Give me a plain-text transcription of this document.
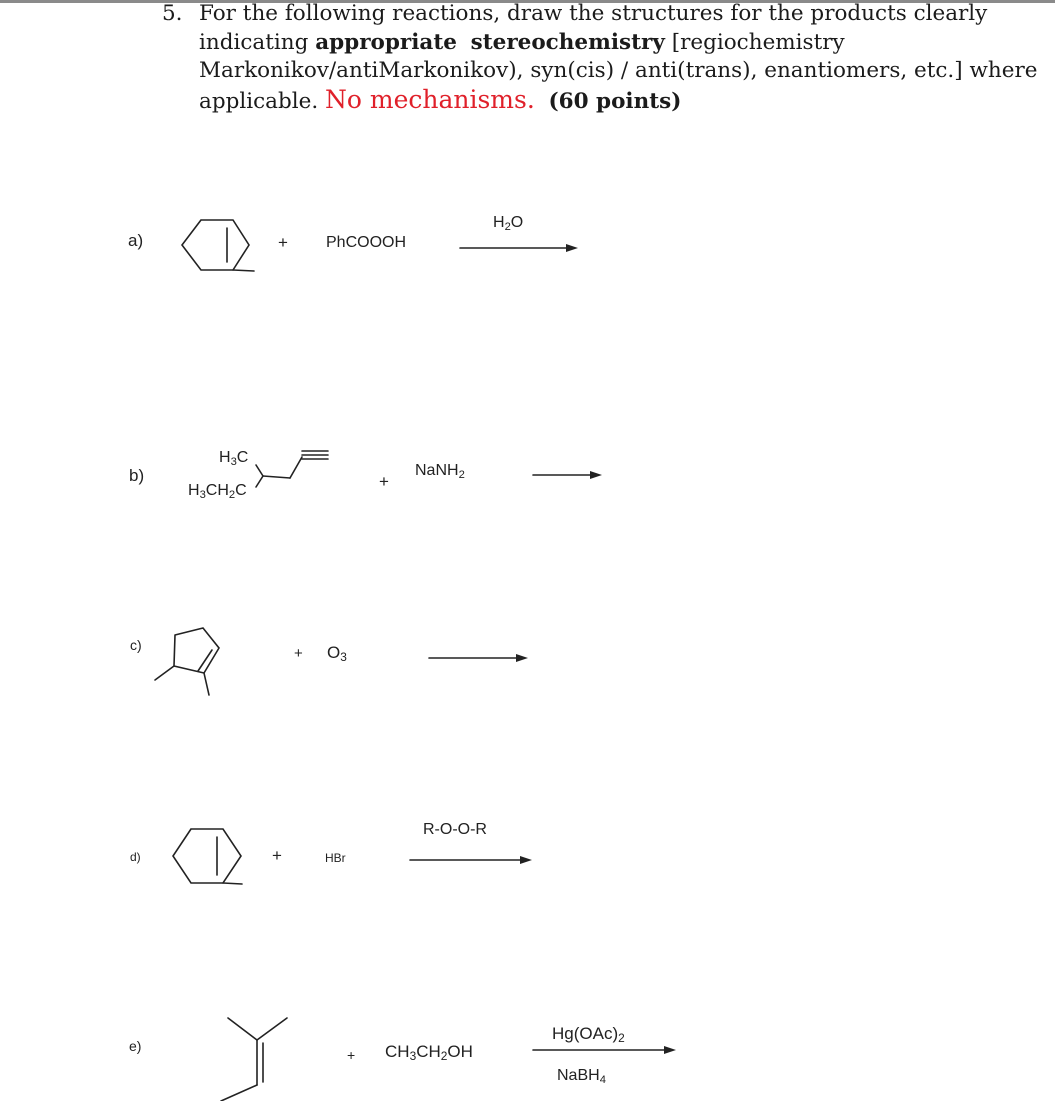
5. For the following reactions, draw the structures for the products clearly indicating appropriate stereochemistry [regiochemistry Markonikov/antiMarkonikov), syn(cis) / anti(trans), enantiomers, etc.] where applicable. No mechanisms. (60 points)
a)	+ PhCOOOH
$H_2O$
b)
$H_3C$
$H_3CH_2C$	+
NaNH$_2$
c)	+ $O_3$
d)	+	HBr
R-O-O-R
e)
+ $CH_3CH_2OH$
$Hg(OAc)_2$
NaBH$_4$
